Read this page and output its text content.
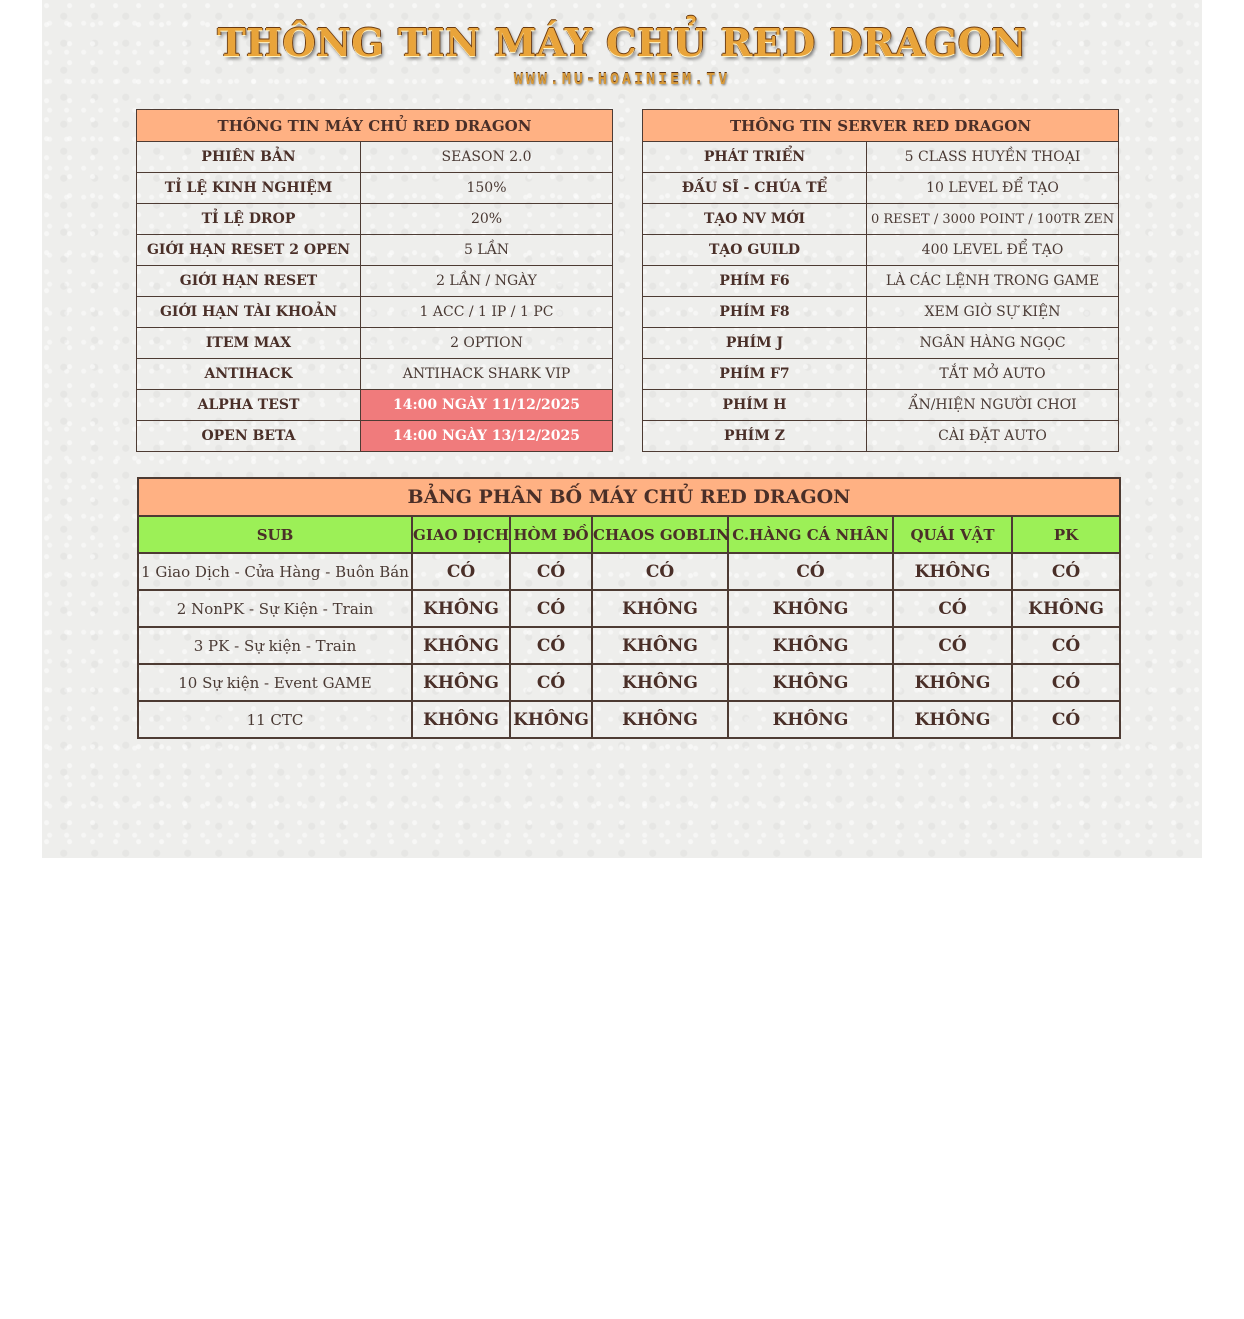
THÔNG TIN MÁY CHỦ RED DRAGON
WWW.MU-HOAINIEM.TV
THÔNG TIN MÁY CHỦ RED DRAGON	
PHIÊN BẢN	SEASON 2.0
TỈ LỆ KINH NGHIỆM	150%
TỈ LỆ DROP	20%
GIỚI HẠN RESET 2 OPEN	5 LẦN
GIỚI HẠN RESET	2 LẦN / NGÀY
GIỚI HẠN TÀI KHOẢN	1 ACC / 1 IP / 1 PC
ITEM MAX	2 OPTION
ANTIHACK	ANTIHACK SHARK VIP
ALPHA TEST	14:00 NGÀY 11/12/2025
OPEN BETA	14:00 NGÀY 13/12/2025
THÔNG TIN SERVER RED DRAGON	
PHÁT TRIỂN	5 CLASS HUYỀN THOẠI
ĐẤU SĨ - CHÚA TỂ	10 LEVEL ĐỂ TẠO
TẠO NV MỚI	0 RESET / 3000 POINT / 100TR ZEN
TẠO GUILD	400 LEVEL ĐỂ TẠO
PHÍM F6	LÀ CÁC LỆNH TRONG GAME
PHÍM F8	XEM GIỜ SỰ KIỆN
PHÍM J	NGÂN HÀNG NGỌC
PHÍM F7	TẮT MỞ AUTO
PHÍM H	ẨN/HIỆN NGƯỜI CHƠI
PHÍM Z	CÀI ĐẶT AUTO
BẢNG PHÂN BỐ MÁY CHỦ RED DRAGON						
SUB	GIAO DỊCH	HÒM ĐỒ	CHAOS GOBLIN	C.HÀNG CÁ NHÂN	QUÁI VẬT	PK
1 Giao Dịch - Cửa Hàng - Buôn Bán	CÓ	CÓ	CÓ	CÓ	KHÔNG	CÓ
2 NonPK - Sự Kiện - Train	KHÔNG	CÓ	KHÔNG	KHÔNG	CÓ	KHÔNG
3 PK - Sự kiện - Train	KHÔNG	CÓ	KHÔNG	KHÔNG	CÓ	CÓ
10 Sự kiện - Event GAME	KHÔNG	CÓ	KHÔNG	KHÔNG	KHÔNG	CÓ
11 CTC	KHÔNG	KHÔNG	KHÔNG	KHÔNG	KHÔNG	CÓ
